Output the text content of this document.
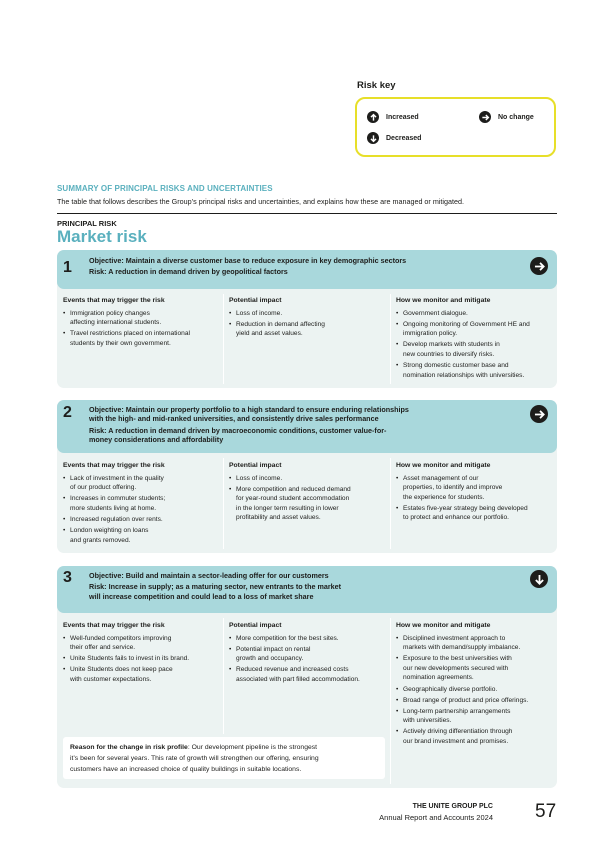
Risk key
Increased	No change
Decreased
SUMMARY OF PRINCIPAL RISKS AND UNCERTAINTIES
The table that follows describes the Group’s principal risks and uncertainties, and explains how these are managed or mitigated.
PRINCIPAL RISK
Market risk
1 Objective: Maintain a diverse customer base to reduce exposure in key demographic sectors
Risk: A reduction in demand driven by geopolitical factors
Events that may trigger the risk
• Immigration policy changes
affecting international students.
• Travel restrictions placed on international
students by their own government.
Potential impact
• Loss of income.
• Reduction in demand affecting
yield and asset values.
How we monitor and mitigate
• Government dialogue.
• Ongoing monitoring of Government HE and
immigration policy.
• Develop markets with students in
new countries to diversify risks.
• Strong domestic customer base and
nomination relationships with universities.
2 Objective: Maintain our property portfolio to a high standard to ensure enduring relationships
with the high- and mid-ranked universities, and consistently drive sales performance
Risk: A reduction in demand driven by macroeconomic conditions, customer value-for-
money considerations and affordability
Events that may trigger the risk
• Lack of investment in the quality
of our product offering.
• Increases in commuter students;
more students living at home.
• Increased regulation over rents.
• London weighting on loans
and grants removed.
Potential impact
• Loss of income.
• More competition and reduced demand
for year-round student accommodation
in the longer term resulting in lower
profitability and asset values.
How we monitor and mitigate
• Asset management of our
properties, to identify and improve
the experience for students.
• Estates five-year strategy being developed
to protect and enhance our portfolio.
3 Objective: Build and maintain a sector-leading offer for our customers
Risk: Increase in supply; as a maturing sector, new entrants to the market
will increase competition and could lead to a loss of market share
Events that may trigger the risk
• Well-funded competitors improving
their offer and service.
• Unite Students fails to invest in its brand.
• Unite Students does not keep pace
with customer expectations.
Potential impact
• More competition for the best sites.
• Potential impact on rental
growth and occupancy.
• Reduced revenue and increased costs
associated with part filled accommodation.
How we monitor and mitigate
• Disciplined investment approach to
markets with demand/supply imbalance.
• Exposure to the best universities with
our new developments secured with
nomination agreements.
• Geographically diverse portfolio.
• Broad range of product and price offerings.
• Long-term partnership arrangements
with universities.
• Actively driving differentiation through
our brand investment and promises.
Reason for the change in risk profile: Our development pipeline is the strongest
it’s been for several years. This rate of growth will strengthen our offering, ensuring
customers have an increased choice of quality buildings in suitable locations.
THE UNITE GROUP PLC
Annual Report and Accounts 2024 57
